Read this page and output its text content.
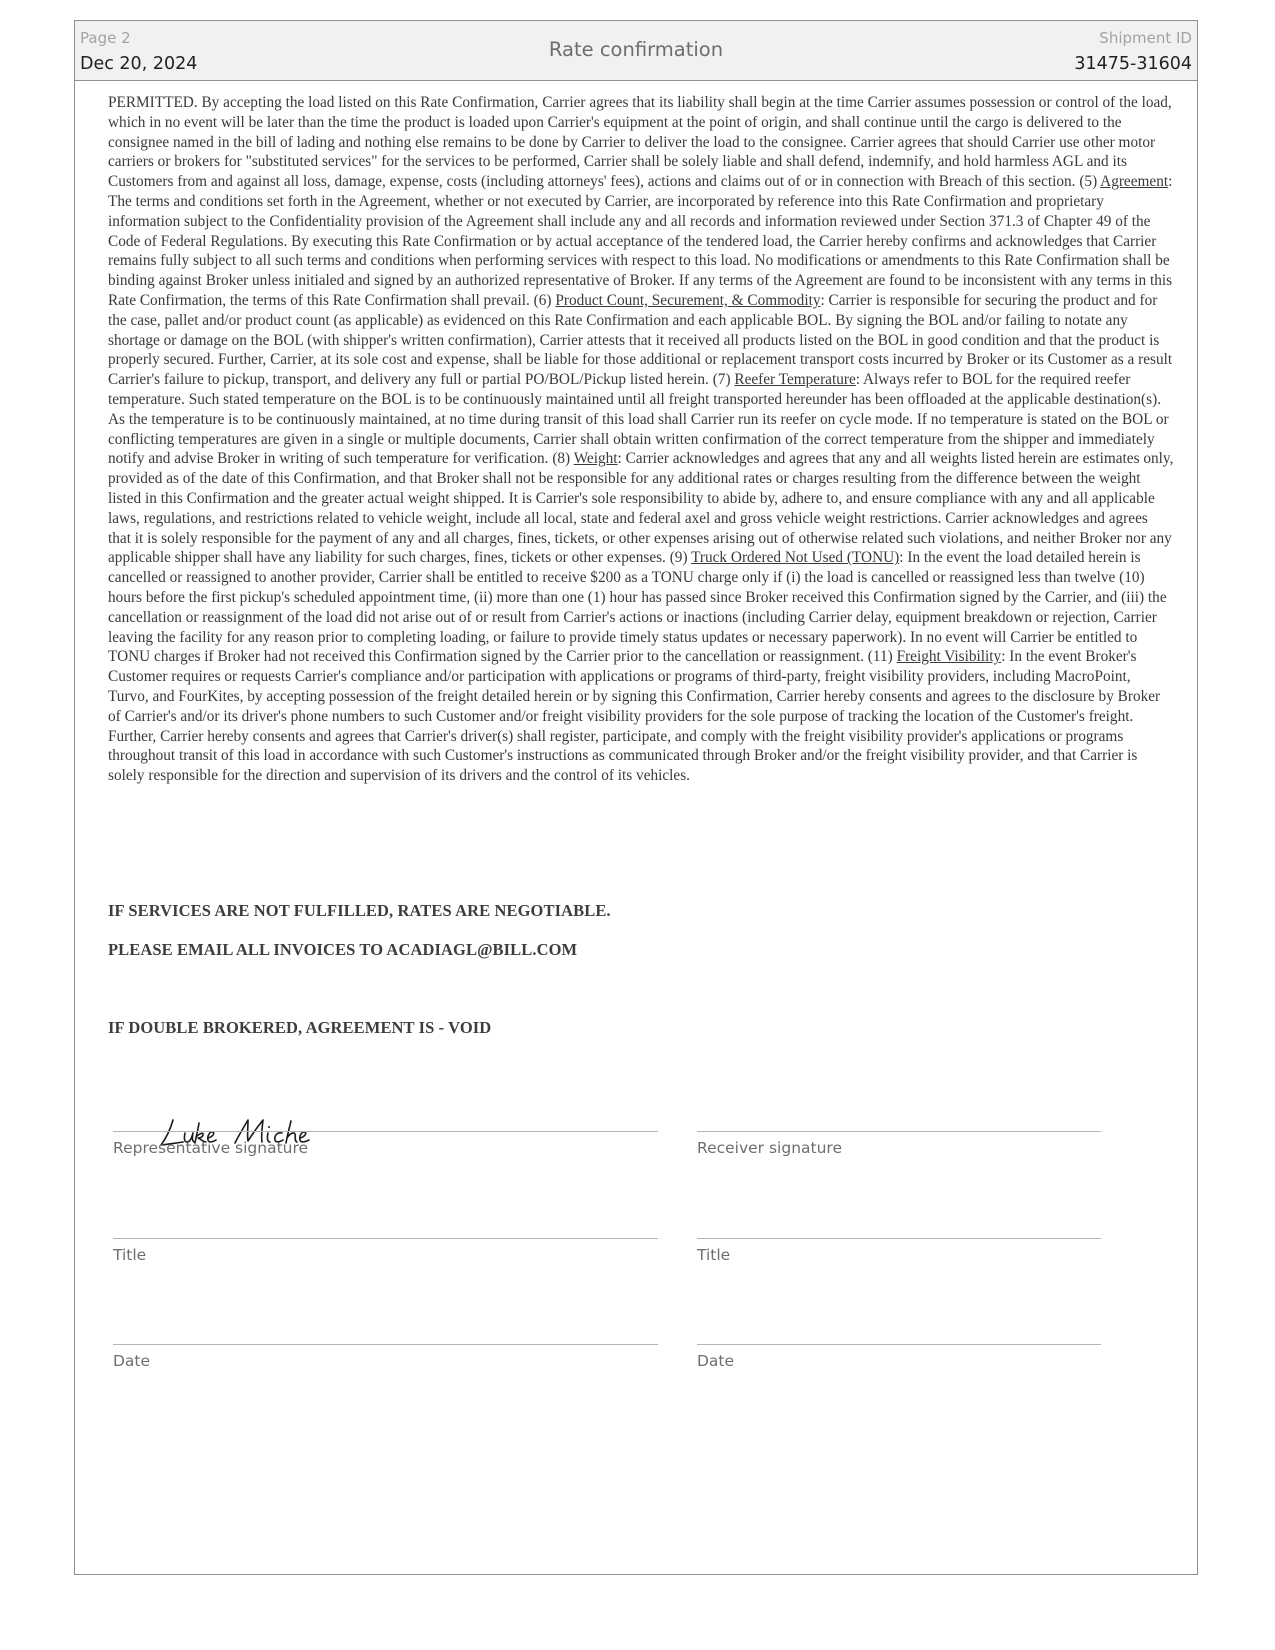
Page 2
Dec 20, 2024
Rate confirmation	Shipment ID
31475-31604

PERMITTED. By accepting the load listed on this Rate Confirmation, Carrier agrees that its liability shall begin at the time Carrier assumes possession or control of the load, which in no event will be later than the time the product is loaded upon Carrier's equipment at the point of origin, and shall continue until the cargo is delivered to the consignee named in the bill of lading and nothing else remains to be done by Carrier to deliver the load to the consignee. Carrier agrees that should Carrier use other motor carriers or brokers for "substituted services" for the services to be performed, Carrier shall be solely liable and shall defend, indemnify, and hold harmless AGL and its Customers from and against all loss, damage, expense, costs (including attorneys' fees), actions and claims out of or in connection with Breach of this section. (5) Agreement: The terms and conditions set forth in the Agreement, whether or not executed by Carrier, are incorporated by reference into this Rate Confirmation and proprietary information subject to the Confidentiality provision of the Agreement shall include any and all records and information reviewed under Section 371.3 of Chapter 49 of the Code of Federal Regulations. By executing this Rate Confirmation or by actual acceptance of the tendered load, the Carrier hereby confirms and acknowledges that Carrier remains fully subject to all such terms and conditions when performing services with respect to this load. No modifications or amendments to this Rate Confirmation shall be binding against Broker unless initialed and signed by an authorized representative of Broker. If any terms of the Agreement are found to be inconsistent with any terms in this Rate Confirmation, the terms of this Rate Confirmation shall prevail. (6) Product Count, Securement, & Commodity: Carrier is responsible for securing the product and for the case, pallet and/or product count (as applicable) as evidenced on this Rate Confirmation and each applicable BOL. By signing the BOL and/or failing to notate any shortage or damage on the BOL (with shipper's written confirmation), Carrier attests that it received all products listed on the BOL in good condition and that the product is properly secured. Further, Carrier, at its sole cost and expense, shall be liable for those additional or replacement transport costs incurred by Broker or its Customer as a result Carrier's failure to pickup, transport, and delivery any full or partial PO/BOL/Pickup listed herein. (7) Reefer Temperature: Always refer to BOL for the required reefer temperature. Such stated temperature on the BOL is to be continuously maintained until all freight transported hereunder has been offloaded at the applicable destination(s). As the temperature is to be continuously maintained, at no time during transit of this load shall Carrier run its reefer on cycle mode. If no temperature is stated on the BOL or conflicting temperatures are given in a single or multiple documents, Carrier shall obtain written confirmation of the correct temperature from the shipper and immediately notify and advise Broker in writing of such temperature for verification. (8) Weight: Carrier acknowledges and agrees that any and all weights listed herein are estimates only, provided as of the date of this Confirmation, and that Broker shall not be responsible for any additional rates or charges resulting from the difference between the weight listed in this Confirmation and the greater actual weight shipped. It is Carrier's sole responsibility to abide by, adhere to, and ensure compliance with any and all applicable laws, regulations, and restrictions related to vehicle weight, include all local, state and federal axel and gross vehicle weight restrictions. Carrier acknowledges and agrees that it is solely responsible for the payment of any and all charges, fines, tickets, or other expenses arising out of otherwise related such violations, and neither Broker nor any applicable shipper shall have any liability for such charges, fines, tickets or other expenses. (9) Truck Ordered Not Used (TONU): In the event the load detailed herein is cancelled or reassigned to another provider, Carrier shall be entitled to receive $200 as a TONU charge only if (i) the load is cancelled or reassigned less than twelve (10) hours before the first pickup's scheduled appointment time, (ii) more than one (1) hour has passed since Broker received this Confirmation signed by the Carrier, and (iii) the cancellation or reassignment of the load did not arise out of or result from Carrier's actions or inactions (including Carrier delay, equipment breakdown or rejection, Carrier leaving the facility for any reason prior to completing loading, or failure to provide timely status updates or necessary paperwork). In no event will Carrier be entitled to TONU charges if Broker had not received this Confirmation signed by the Carrier prior to the cancellation or reassignment. (11) Freight Visibility: In the event Broker's Customer requires or requests Carrier's compliance and/or participation with applications or programs of third-party, freight visibility providers, including MacroPoint, Turvo, and FourKites, by accepting possession of the freight detailed herein or by signing this Confirmation, Carrier hereby consents and agrees to the disclosure by Broker of Carrier's and/or its driver's phone numbers to such Customer and/or freight visibility providers for the sole purpose of tracking the location of the Customer's freight. Further, Carrier hereby consents and agrees that Carrier's driver(s) shall register, participate, and comply with the freight visibility provider's applications or programs throughout transit of this load in accordance with such Customer's instructions as communicated through Broker and/or the freight visibility provider, and that Carrier is solely responsible for the direction and supervision of its drivers and the control of its vehicles.

IF SERVICES ARE NOT FULFILLED, RATES ARE NEGOTIABLE.
PLEASE EMAIL ALL INVOICES TO ACADIAGL@BILL.COM
IF DOUBLE BROKERED, AGREEMENT IS - VOID
Representative signature	Receiver signature
Title	Title
Date	Date
